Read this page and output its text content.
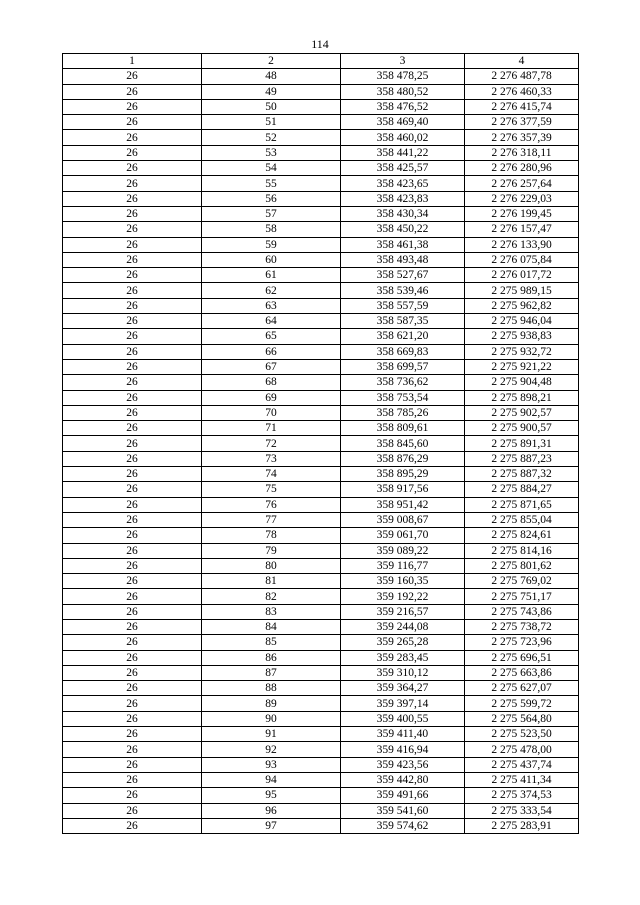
114
1	2	3	4
26	48	358 478,25	2 276 487,78
26	49	358 480,52	2 276 460,33
26	50	358 476,52	2 276 415,74
26	51	358 469,40	2 276 377,59
26	52	358 460,02	2 276 357,39
26	53	358 441,22	2 276 318,11
26	54	358 425,57	2 276 280,96
26	55	358 423,65	2 276 257,64
26	56	358 423,83	2 276 229,03
26	57	358 430,34	2 276 199,45
26	58	358 450,22	2 276 157,47
26	59	358 461,38	2 276 133,90
26	60	358 493,48	2 276 075,84
26	61	358 527,67	2 276 017,72
26	62	358 539,46	2 275 989,15
26	63	358 557,59	2 275 962,82
26	64	358 587,35	2 275 946,04
26	65	358 621,20	2 275 938,83
26	66	358 669,83	2 275 932,72
26	67	358 699,57	2 275 921,22
26	68	358 736,62	2 275 904,48
26	69	358 753,54	2 275 898,21
26	70	358 785,26	2 275 902,57
26	71	358 809,61	2 275 900,57
26	72	358 845,60	2 275 891,31
26	73	358 876,29	2 275 887,23
26	74	358 895,29	2 275 887,32
26	75	358 917,56	2 275 884,27
26	76	358 951,42	2 275 871,65
26	77	359 008,67	2 275 855,04
26	78	359 061,70	2 275 824,61
26	79	359 089,22	2 275 814,16
26	80	359 116,77	2 275 801,62
26	81	359 160,35	2 275 769,02
26	82	359 192,22	2 275 751,17
26	83	359 216,57	2 275 743,86
26	84	359 244,08	2 275 738,72
26	85	359 265,28	2 275 723,96
26	86	359 283,45	2 275 696,51
26	87	359 310,12	2 275 663,86
26	88	359 364,27	2 275 627,07
26	89	359 397,14	2 275 599,72
26	90	359 400,55	2 275 564,80
26	91	359 411,40	2 275 523,50
26	92	359 416,94	2 275 478,00
26	93	359 423,56	2 275 437,74
26	94	359 442,80	2 275 411,34
26	95	359 491,66	2 275 374,53
26	96	359 541,60	2 275 333,54
26	97	359 574,62	2 275 283,91
